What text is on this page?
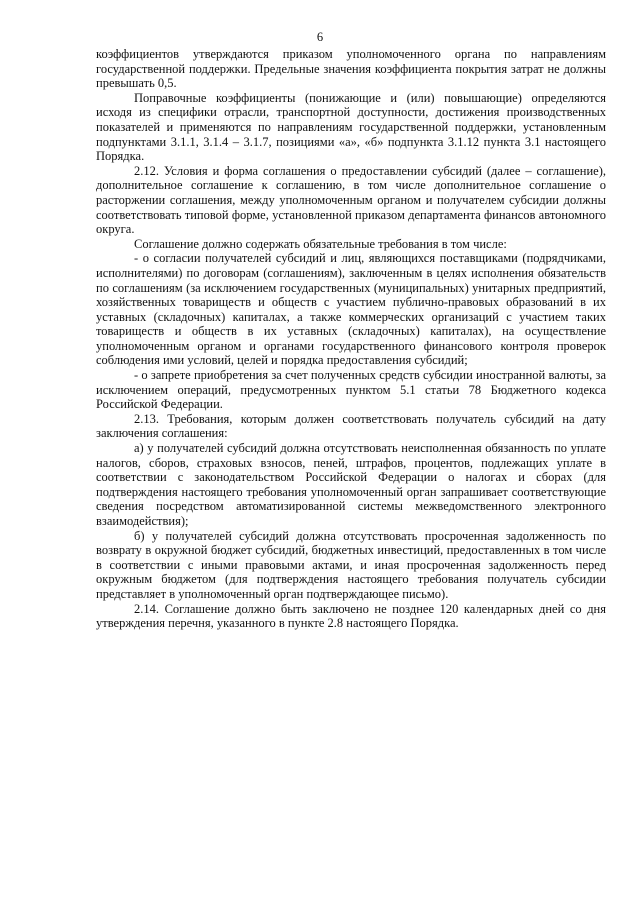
6

коэффициентов утверждаются приказом уполномоченного органа по направлениям государственной поддержки. Предельные значения коэффициента покрытия затрат не должны превышать 0,5.

Поправочные коэффициенты (понижающие и (или) повышающие) определяются исходя из специфики отрасли, транспортной доступности, достижения производственных показателей и применяются по направлениям государственной поддержки, установленным подпунктами 3.1.1, 3.1.4 – 3.1.7, позициями «а», «б» подпункта 3.1.12 пункта 3.1 настоящего Порядка.

2.12. Условия и форма соглашения о предоставлении субсидий (далее – соглашение), дополнительное соглашение к соглашению, в том числе дополнительное соглашение о расторжении соглашения, между уполномоченным органом и получателем субсидии должны соответствовать типовой форме, установленной приказом департамента финансов автономного округа.

Соглашение должно содержать обязательные требования в том числе:

- о согласии получателей субсидий и лиц, являющихся поставщиками (подрядчиками, исполнителями) по договорам (соглашениям), заключенным в целях исполнения обязательств по соглашениям (за исключением государственных (муниципальных) унитарных предприятий, хозяйственных товариществ и обществ с участием публично-правовых образований в их уставных (складочных) капиталах, а также коммерческих организаций с участием таких товариществ и обществ в их уставных (складочных) капиталах), на осуществление уполномоченным органом и органами государственного финансового контроля проверок соблюдения ими условий, целей и порядка предоставления субсидий;

- о запрете приобретения за счет полученных средств субсидии иностранной валюты, за исключением операций, предусмотренных пунктом 5.1 статьи 78 Бюджетного кодекса Российской Федерации.

2.13. Требования, которым должен соответствовать получатель субсидий на дату заключения соглашения:

а) у получателей субсидий должна отсутствовать неисполненная обязанность по уплате налогов, сборов, страховых взносов, пеней, штрафов, процентов, подлежащих уплате в соответствии с законодательством Российской Федерации о налогах и сборах (для подтверждения настоящего требования уполномоченный орган запрашивает соответствующие сведения посредством автоматизированной системы межведомственного электронного взаимодействия);

б) у получателей субсидий должна отсутствовать просроченная задолженность по возврату в окружной бюджет субсидий, бюджетных инвестиций, предоставленных в том числе в соответствии с иными правовыми актами, и иная просроченная задолженность перед окружным бюджетом (для подтверждения настоящего требования получатель субсидии представляет в уполномоченный орган подтверждающее письмо).

2.14. Соглашение должно быть заключено не позднее 120 календарных дней со дня утверждения перечня, указанного в пункте 2.8 настоящего Порядка.
